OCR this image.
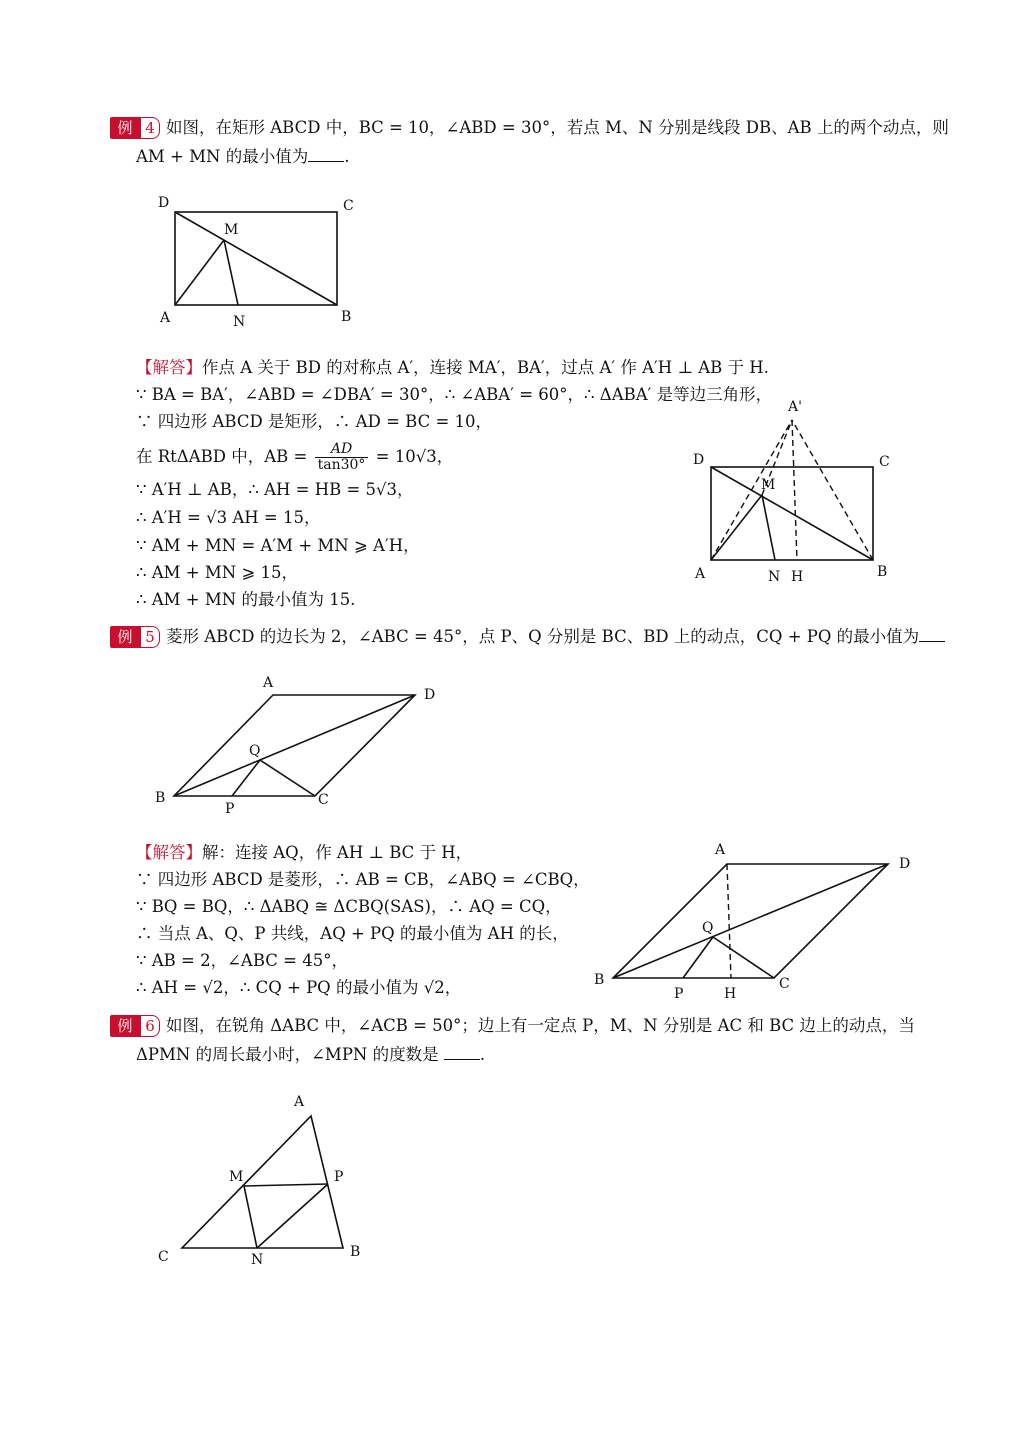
例 4 如图，在矩形 ABCD 中，BC = 10，∠ABD = 30°，若点 M、N 分别是线段 DB、AB 上的两个动点，则
AM + MN 的最小值为 .
D	C
M
A	N	B
【解答】作点 A 关于 BD 的对称点 A′，连接 MA′，BA′，过点 A′ 作 A′H ⊥ AB 于 H.
∵ BA = BA′，∠ABD = ∠DBA′ = 30°，∴ ∠ABA′ = 60°，∴ ΔABA′ 是等边三角形，
∵ 四边形 ABCD 是矩形，∴ AD = BC = 10，
在 RtΔABD 中，AB = $\frac{AD}{\tan 30^\circ} = 10√3$，
∵ A′H ⊥ AB，∴ AH = HB = 5√3，
∴ A′H = √3 AH = 15，
∵ AM + MN = A′M + MN ⩾ A′H，
∴ AM + MN ⩾ 15，
∴ AM + MN 的最小值为 15.
A'
D	C
M
A	N H	B
例 5 菱形 ABCD 的边长为 2，∠ABC = 45°，点 P、Q 分别是 BC、BD 上的动点，CQ + PQ 的最小值为
A
D
Q
B
P
C
【解答】解：连接 AQ，作 AH ⊥ BC 于 H，
∵ 四边形 ABCD 是菱形，∴ AB = CB，∠ABQ = ∠CBQ，
∵ BQ = BQ，∴ ΔABQ ≅ ΔCBQ(SAS)，∴ AQ = CQ，
∴ 当点 A、Q、P 共线，AQ + PQ 的最小值为 AH 的长，
∵ AB = 2，∠ABC = 45°，
∴ AH = √2，∴ CQ + PQ 的最小值为 √2，
A
D
Q
B
P	H
C
例 6 如图，在锐角 ΔABC 中，∠ACB = 50°；边上有一定点 P，M、N 分别是 AC 和 BC 边上的动点，当
ΔPMN 的周长最小时，∠MPN 的度数是	.
A
M	P
C	N	B
